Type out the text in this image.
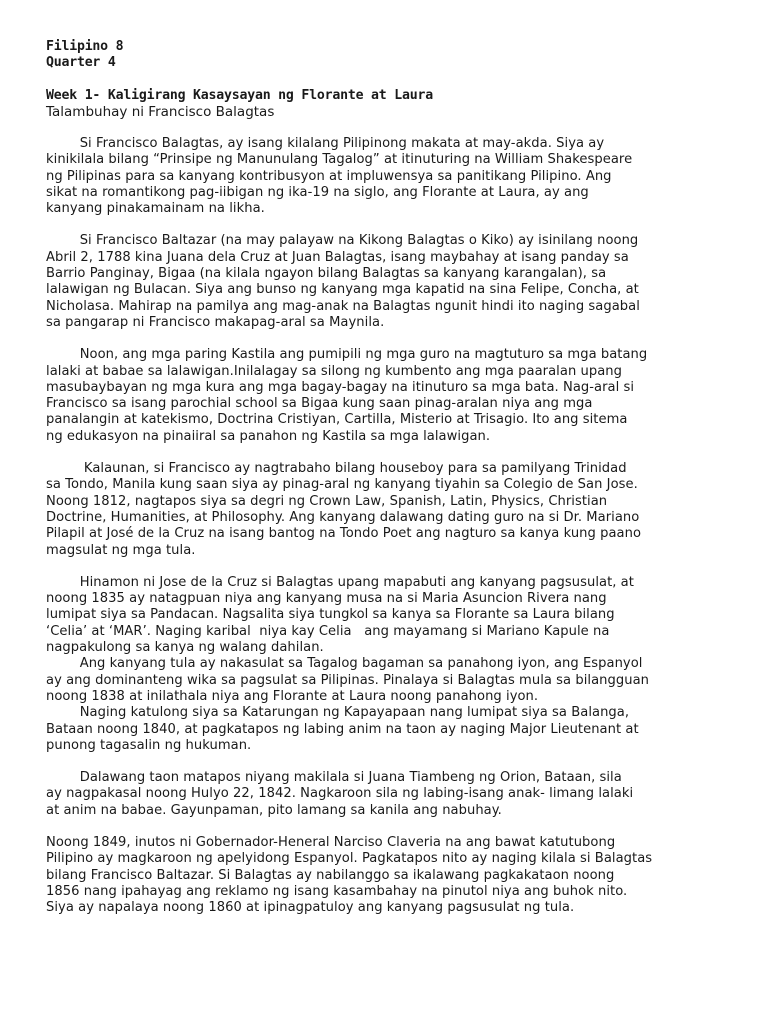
Filipino 8

Quarter 4

Week 1- Kaligirang Kasaysayan ng Florante at Laura

Talambuhay ni Francisco Balagtas

Si Francisco Balagtas, ay isang kilalang Pilipinong makata at may-akda. Siya ay
kinikilala bilang “Prinsipe ng Manunulang Tagalog” at itinuturing na William Shakespeare
ng Pilipinas para sa kanyang kontribusyon at impluwensya sa panitikang Pilipino. Ang
sikat na romantikong pag-iibigan ng ika-19 na siglo, ang Florante at Laura, ay ang
kanyang pinakamainam na likha.

Si Francisco Baltazar (na may palayaw na Kikong Balagtas o Kiko) ay isinilang noong
Abril 2, 1788 kina Juana dela Cruz at Juan Balagtas, isang maybahay at isang panday sa
Barrio Panginay, Bigaa (na kilala ngayon bilang Balagtas sa kanyang karangalan), sa
lalawigan ng Bulacan. Siya ang bunso ng kanyang mga kapatid na sina Felipe, Concha, at
Nicholasa. Mahirap na pamilya ang mag-anak na Balagtas ngunit hindi ito naging sagabal
sa pangarap ni Francisco makapag-aral sa Maynila.

Noon, ang mga paring Kastila ang pumipili ng mga guro na magtuturo sa mga batang
lalaki at babae sa lalawigan.Inilalagay sa silong ng kumbento ang mga paaralan upang
masubaybayan ng mga kura ang mga bagay-bagay na itinuturo sa mga bata. Nag-aral si
Francisco sa isang parochial school sa Bigaa kung saan pinag-aralan niya ang mga
panalangin at katekismo, Doctrina Cristiyan, Cartilla, Misterio at Trisagio. Ito ang sitema
ng edukasyon na pinaiiral sa panahon ng Kastila sa mga lalawigan.

Kalaunan, si Francisco ay nagtrabaho bilang houseboy para sa pamilyang Trinidad
sa Tondo, Manila kung saan siya ay pinag-aral ng kanyang tiyahin sa Colegio de San Jose.
Noong 1812, nagtapos siya sa degri ng Crown Law, Spanish, Latin, Physics, Christian
Doctrine, Humanities, at Philosophy. Ang kanyang dalawang dating guro na si Dr. Mariano
Pilapil at José de la Cruz na isang bantog na Tondo Poet ang nagturo sa kanya kung paano
magsulat ng mga tula.

Hinamon ni Jose de la Cruz si Balagtas upang mapabuti ang kanyang pagsusulat, at
noong 1835 ay natagpuan niya ang kanyang musa na si Maria Asuncion Rivera nang
lumipat siya sa Pandacan. Nagsalita siya tungkol sa kanya sa Florante sa Laura bilang
‘Celia’ at ‘MAR’. Naging karibal  niya kay Celia   ang mayamang si Mariano Kapule na
nagpakulong sa kanya ng walang dahilan.
Ang kanyang tula ay nakasulat sa Tagalog bagaman sa panahong iyon, ang Espanyol
ay ang dominanteng wika sa pagsulat sa Pilipinas. Pinalaya si Balagtas mula sa bilangguan
noong 1838 at inilathala niya ang Florante at Laura noong panahong iyon.
Naging katulong siya sa Katarungan ng Kapayapaan nang lumipat siya sa Balanga,
Bataan noong 1840, at pagkatapos ng labing anim na taon ay naging Major Lieutenant at
punong tagasalin ng hukuman.

Dalawang taon matapos niyang makilala si Juana Tiambeng ng Orion, Bataan, sila
ay nagpakasal noong Hulyo 22, 1842. Nagkaroon sila ng labing-isang anak- limang lalaki
at anim na babae. Gayunpaman, pito lamang sa kanila ang nabuhay.

Noong 1849, inutos ni Gobernador-Heneral Narciso Claveria na ang bawat katutubong
Pilipino ay magkaroon ng apelyidong Espanyol. Pagkatapos nito ay naging kilala si Balagtas
bilang Francisco Baltazar. Si Balagtas ay nabilanggo sa ikalawang pagkakataon noong
1856 nang ipahayag ang reklamo ng isang kasambahay na pinutol niya ang buhok nito.
Siya ay napalaya noong 1860 at ipinagpatuloy ang kanyang pagsusulat ng tula.
